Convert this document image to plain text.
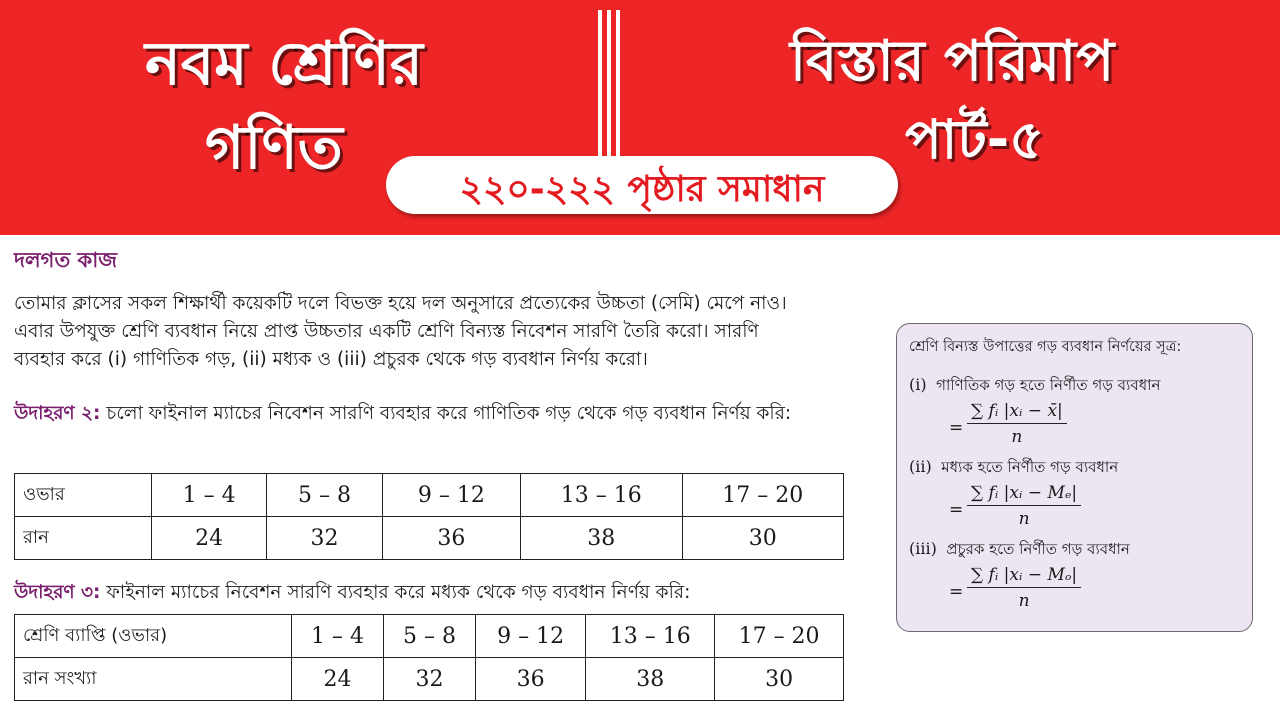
নবম শ্রেণির
গণিত
বিস্তার পরিমাপ
পার্ট-৫
২২০-২২২ পৃষ্ঠার সমাধান
দলগত কাজ
তোমার ক্লাসের সকল শিক্ষার্থী কয়েকটি দলে বিভক্ত হয়ে দল অনুসারে প্রত্যেকের উচ্চতা (সেমি) মেপে নাও।
এবার উপযুক্ত শ্রেণি ব্যবধান নিয়ে প্রাপ্ত উচ্চতার একটি শ্রেণি বিন্যস্ত নিবেশন সারণি তৈরি করো। সারণি
ব্যবহার করে (i) গাণিতিক গড়, (ii) মধ্যক ও (iii) প্রচুরক থেকে গড় ব্যবধান নির্ণয় করো।
উদাহরণ ২: চলো ফাইনাল ম্যাচের নিবেশন সারণি ব্যবহার করে গাণিতিক গড় থেকে গড় ব্যবধান নির্ণয় করি:
ওভার	1 – 4	5 – 8	9 – 12	13 – 16	17 – 20
রান	24	32	36	38	30
উদাহরণ ৩: ফাইনাল ম্যাচের নিবেশন সারণি ব্যবহার করে মধ্যক থেকে গড় ব্যবধান নির্ণয় করি:
শ্রেণি ব্যাপ্তি (ওভার)	1 – 4	5 – 8	9 – 12	13 – 16	17 – 20
রান সংখ্যা	24	32	36	38	30
শ্রেণি বিন্যস্ত উপাত্তের গড় ব্যবধান নির্ণয়ের সূত্র:
(i) গাণিতিক গড় হতে নির্ণীত গড় ব্যবধান
= $\frac{\text{∑ fᵢ |xᵢ − x̄|}}{n}$
(ii) মধ্যক হতে নির্ণীত গড় ব্যবধান
= $\frac{\text{∑ fᵢ |xᵢ − Mₑ|}}{n}$
(iii) প্রচুরক হতে নির্ণীত গড় ব্যবধান
= $\frac{\text{∑ fᵢ |xᵢ − Mₒ|}}{n}$
